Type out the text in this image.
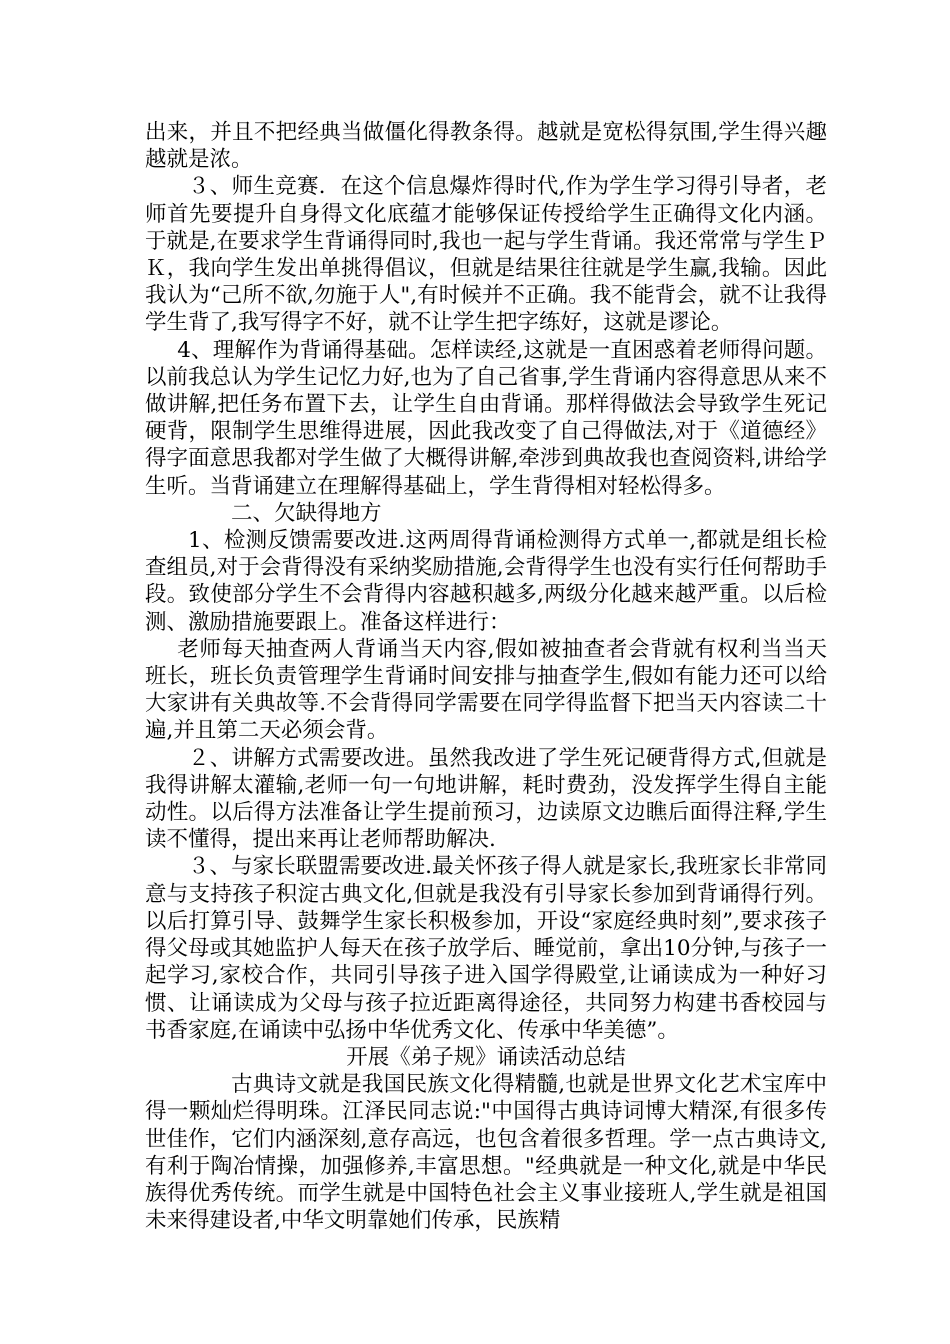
出来，并且不把经典当做僵化得教条得。越就是宽松得氛围,学生得兴趣越就是浓。

３、师生竞赛．在这个信息爆炸得时代,作为学生学习得引导者，老师首先要提升自身得文化底蕴才能够保证传授给学生正确得文化内涵。于就是,在要求学生背诵得同时,我也一起与学生背诵。我还常常与学生ＰＫ，我向学生发出单挑得倡议，但就是结果往往就是学生赢,我输。因此我认为“己所不欲,勿施于人",有时候并不正确。我不能背会，就不让我得学生背了,我写得字不好，就不让学生把字练好，这就是谬论。

4、理解作为背诵得基础。怎样读经,这就是一直困惑着老师得问题。以前我总认为学生记忆力好,也为了自己省事,学生背诵内容得意思从来不做讲解,把任务布置下去，让学生自由背诵。那样得做法会导致学生死记硬背，限制学生思维得进展，因此我改变了自己得做法,对于《道德经》得字面意思我都对学生做了大概得讲解,牵涉到典故我也查阅资料,讲给学生听。当背诵建立在理解得基础上，学生背得相对轻松得多。

二、欠缺得地方

1、检测反馈需要改进.这两周得背诵检测得方式单一,都就是组长检查组员,对于会背得没有采纳奖励措施,会背得学生也没有实行任何帮助手段。致使部分学生不会背得内容越积越多,两级分化越来越严重。以后检测、激励措施要跟上。准备这样进行：

老师每天抽查两人背诵当天内容,假如被抽查者会背就有权利当当天班长，班长负责管理学生背诵时间安排与抽查学生,假如有能力还可以给大家讲有关典故等.不会背得同学需要在同学得监督下把当天内容读二十遍,并且第二天必须会背。

２、讲解方式需要改进。虽然我改进了学生死记硬背得方式,但就是我得讲解太灌输,老师一句一句地讲解，耗时费劲，没发挥学生得自主能动性。以后得方法准备让学生提前预习，边读原文边瞧后面得注释,学生读不懂得，提出来再让老师帮助解决.

３、与家长联盟需要改进.最关怀孩子得人就是家长,我班家长非常同意与支持孩子积淀古典文化,但就是我没有引导家长参加到背诵得行列。以后打算引导、鼓舞学生家长积极参加，开设“家庭经典时刻”,要求孩子得父母或其她监护人每天在孩子放学后、睡觉前，拿出10分钟,与孩子一起学习,家校合作，共同引导孩子进入国学得殿堂,让诵读成为一种好习惯、让诵读成为父母与孩子拉近距离得途径，共同努力构建书香校园与书香家庭,在诵读中弘扬中华优秀文化、传承中华美德”。

开展《弟子规》诵读活动总结

古典诗文就是我国民族文化得精髓,也就是世界文化艺术宝库中得一颗灿烂得明珠。江泽民同志说:"中国得古典诗词博大精深,有很多传世佳作，它们内涵深刻,意存高远，也包含着很多哲理。学一点古典诗文,有利于陶冶情操，加强修养,丰富思想。"经典就是一种文化,就是中华民族得优秀传统。而学生就是中国特色社会主义事业接班人,学生就是祖国未来得建设者,中华文明靠她们传承，民族精
